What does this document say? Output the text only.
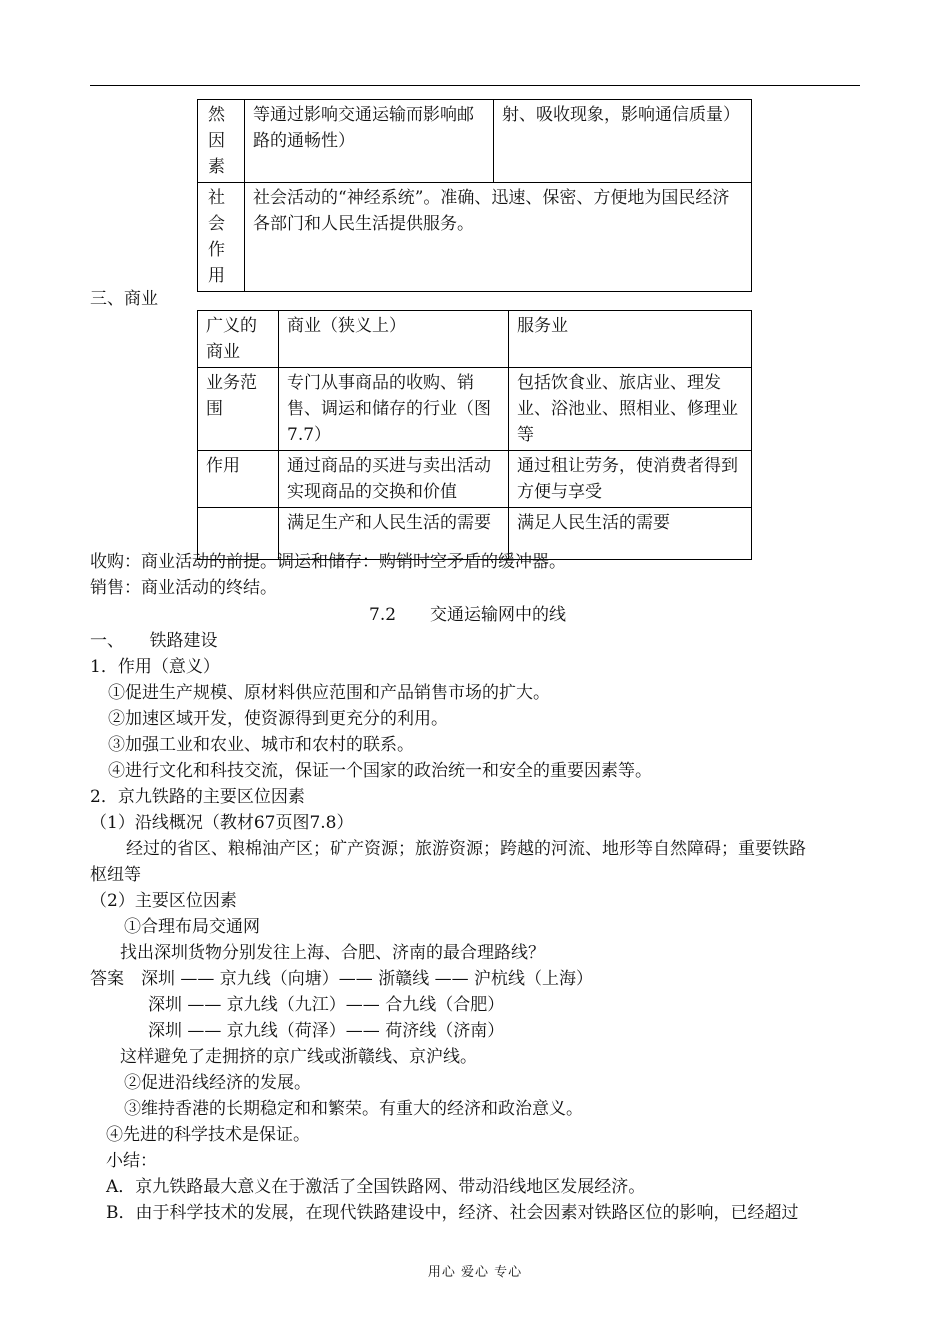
然
因
素	等通过影响交通运输而影响邮路的通畅性）	射、吸收现象，影响通信质量）

社
会
作
用	社会活动的“神经系统”。准确、迅速、保密、方便地为国民经济各部门和人民生活提供服务。	
三、商业
广义的商业	商业（狭义上）	服务业
业务范围	专门从事商品的收购、销售、调运和储存的行业（图7.7）	包括饮食业、旅店业、理发业、浴池业、照相业、修理业等
作用	通过商品的买进与卖出活动实现商品的交换和价值	通过租让劳务，使消费者得到方便与享受
	满足生产和人民生活的需要	满足人民生活的需要
收购：商业活动的前提。调运和储存：购销时空矛盾的缓冲器。
销售：商业活动的终结。
7.2　　交通运输网中的线
一、　　铁路建设
1．作用（意义）
①促进生产规模、原材料供应范围和产品销售市场的扩大。
②加速区域开发，使资源得到更充分的利用。
③加强工业和农业、城市和农村的联系。
④进行文化和科技交流，保证一个国家的政治统一和安全的重要因素等。
2．京九铁路的主要区位因素
（1）沿线概况（教材67页图7.8）
经过的省区、粮棉油产区；矿产资源；旅游资源；跨越的河流、地形等自然障碍；重要铁路
枢纽等
（2）主要区位因素
①合理布局交通网
找出深圳货物分别发往上海、合肥、济南的最合理路线？
答案　深圳 —— 京九线（向塘）—— 浙赣线 —— 沪杭线（上海）
深圳 —— 京九线（九江）—— 合九线（合肥）
深圳 —— 京九线（荷泽）—— 荷济线（济南）
这样避免了走拥挤的京广线或浙赣线、京沪线。
②促进沿线经济的发展。
③维持香港的长期稳定和和繁荣。有重大的经济和政治意义。
④先进的科学技术是保证。
小结：
A．京九铁路最大意义在于激活了全国铁路网、带动沿线地区发展经济。
B．由于科学技术的发展，在现代铁路建设中，经济、社会因素对铁路区位的影响，已经超过
用心 爱心 专心
